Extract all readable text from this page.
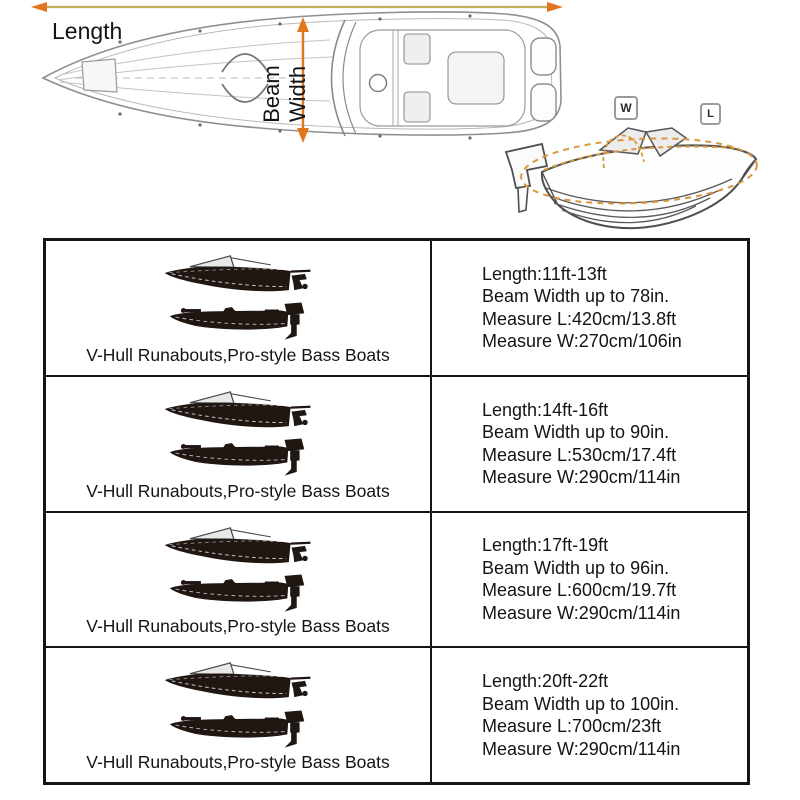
Length
Beam Width	W	L
V-Hull Runabouts,Pro-style Bass Boats
Length:11ft-13ft
Beam Width up to 78in.
Measure L:420cm/13.8ft
Measure W:270cm/106in
V-Hull Runabouts,Pro-style Bass Boats
Length:14ft-16ft
Beam Width up to 90in.
Measure L:530cm/17.4ft
Measure W:290cm/114in
V-Hull Runabouts,Pro-style Bass Boats
Length:17ft-19ft
Beam Width up to 96in.
Measure L:600cm/19.7ft
Measure W:290cm/114in
V-Hull Runabouts,Pro-style Bass Boats
Length:20ft-22ft
Beam Width up to 100in.
Measure L:700cm/23ft
Measure W:290cm/114in
